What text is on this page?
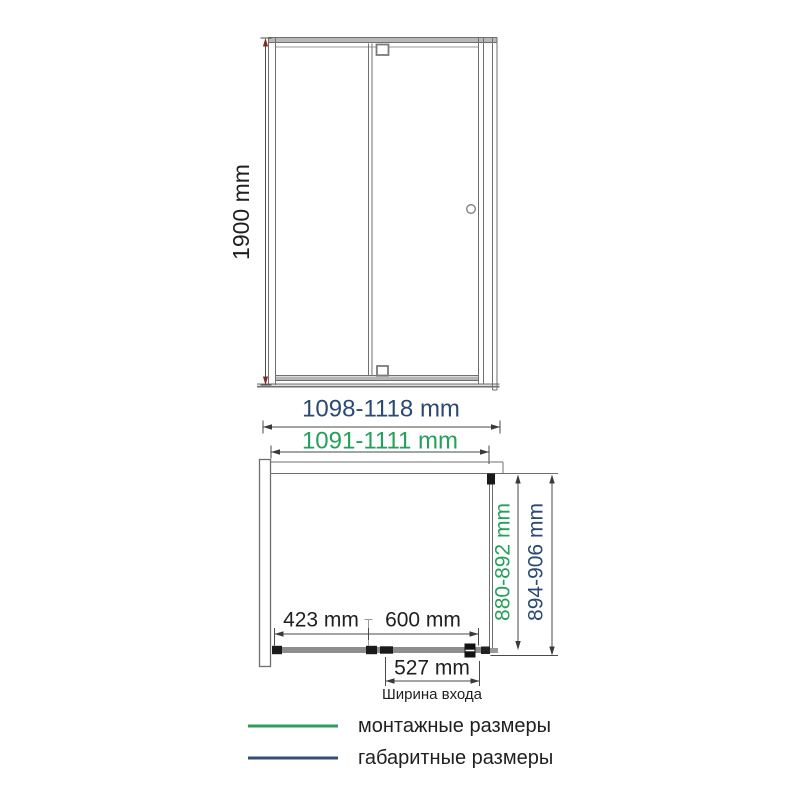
1900 mm
1098-1118 mm
1091-1111 mm
423 mm 600 mm
527 mm
Ширина входа
880-892 mm 894-906 mm
монтажные размеры
габаритные размеры
